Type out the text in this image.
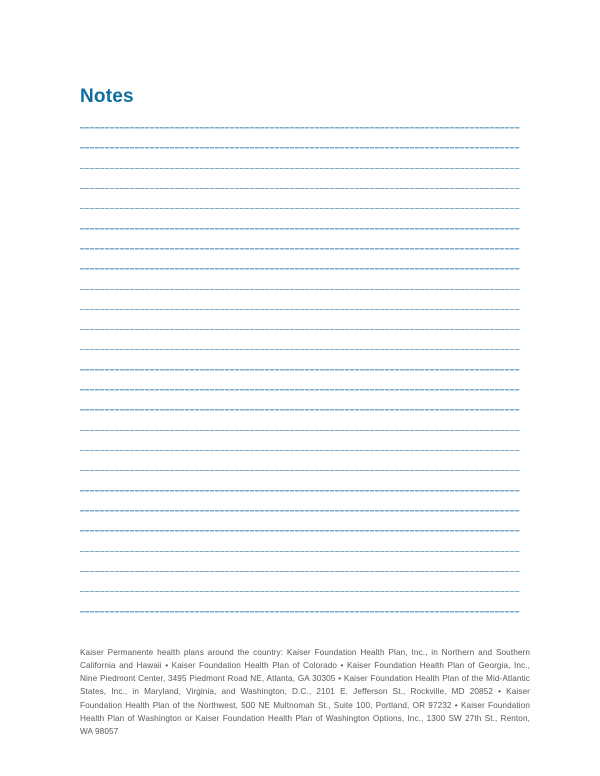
Notes

Kaiser Permanente health plans around the country: Kaiser Foundation Health Plan, Inc., in Northern and Southern California and Hawaii • Kaiser Foundation Health Plan of Colorado • Kaiser Foundation Health Plan of Georgia, Inc., Nine Piedmont Center, 3495 Piedmont Road NE, Atlanta, GA 30305 • Kaiser Foundation Health Plan of the Mid-Atlantic States, Inc., in Maryland, Virginia, and Washington, D.C., 2101 E. Jefferson St., Rockville, MD 20852 • Kaiser Foundation Health Plan of the Northwest, 500 NE Multnomah St., Suite 100, Portland, OR 97232 • Kaiser Foundation Health Plan of Washington or Kaiser Foundation Health Plan of Washington Options, Inc., 1300 SW 27th St., Renton, WA 98057
